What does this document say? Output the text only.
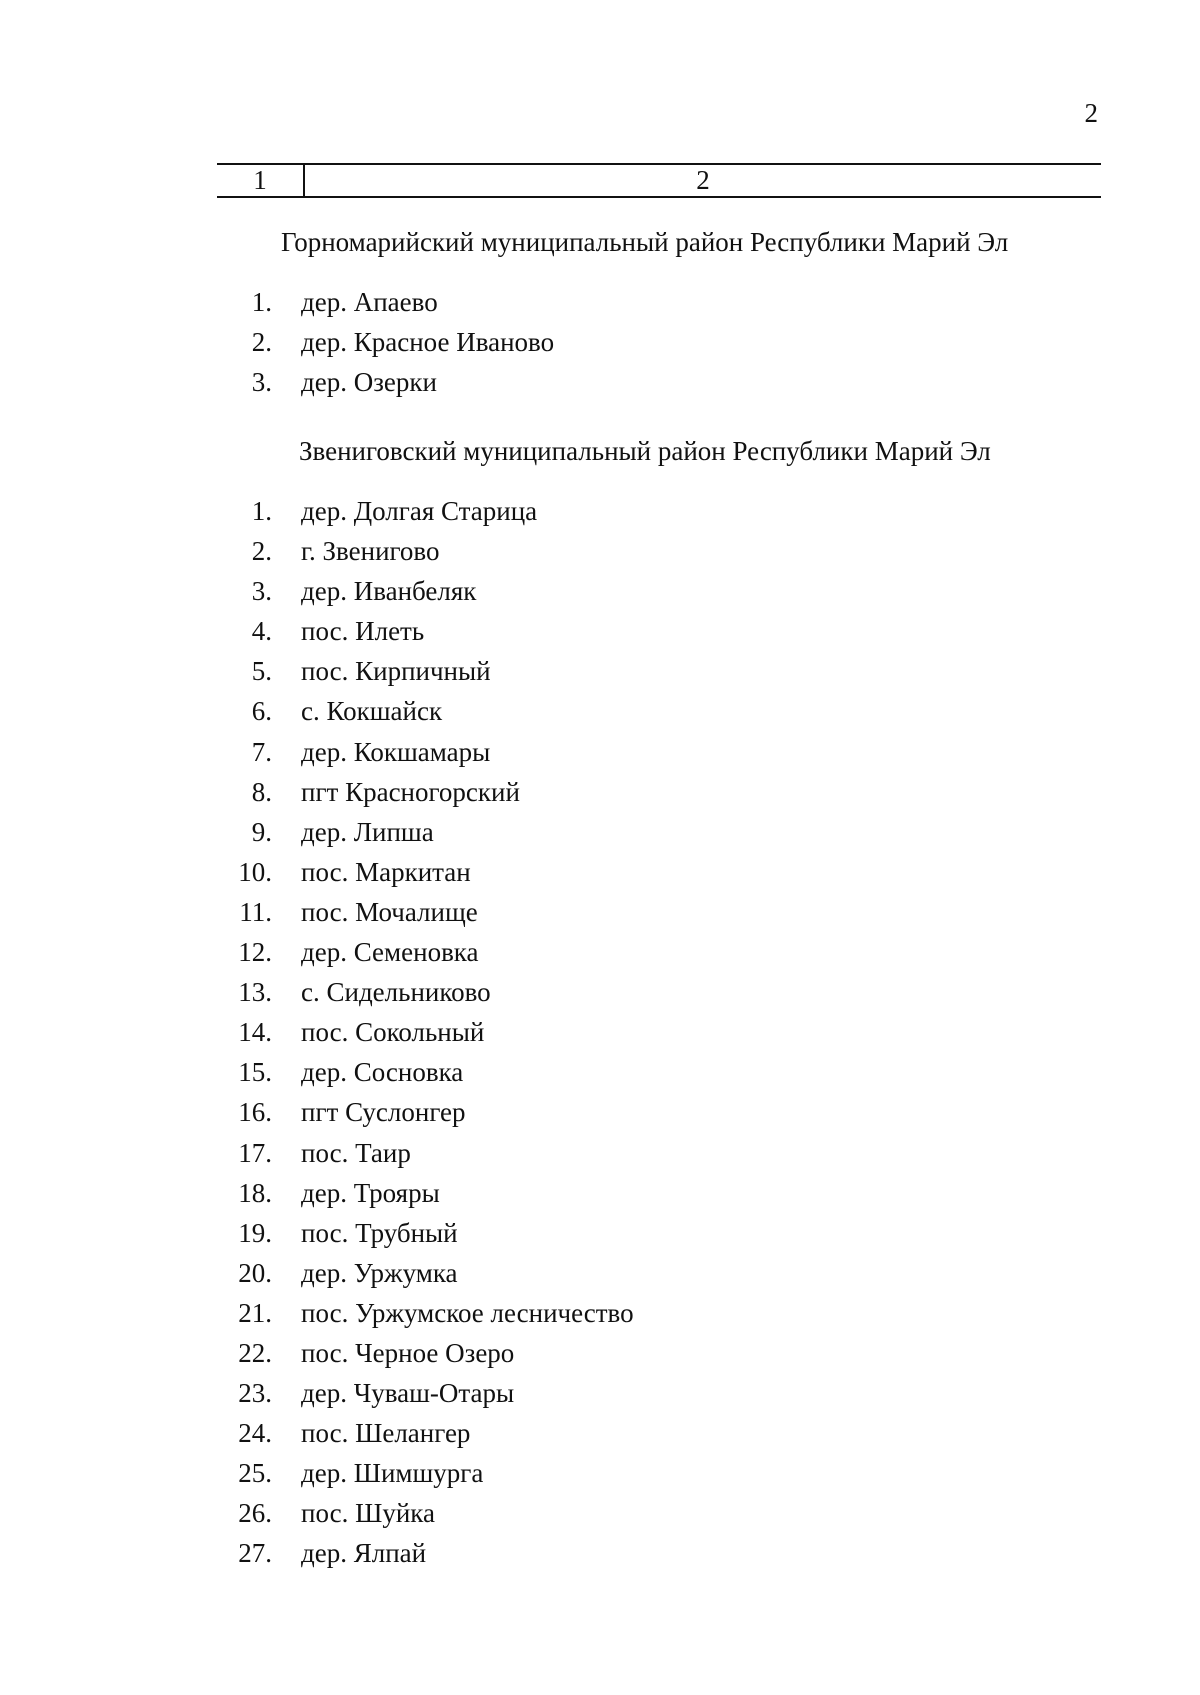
2
1	2
Горномарийский муниципальный район Республики Марий Эл
1.
2.
3.
дер. Апаево
дер. Красное Иваново
дер. Озерки
Звениговский муниципальный район Республики Марий Эл
1.
2.
3.
4.
5.
6.
7.
8.
9.
10.
11.
12.
13.
14.
15.
16.
17.
18.
19.
20.
21.
22.
23.
24.
25.
26.
27.
дер. Долгая Старица
г. Звенигово
дер. Иванбеляк
пос. Илеть
пос. Кирпичный
с. Кокшайск
дер. Кокшамары
пгт Красногорский
дер. Липша
пос. Маркитан
пос. Мочалище
дер. Семеновка
с. Сидельниково
пос. Сокольный
дер. Сосновка
пгт Суслонгер
пос. Таир
дер. Трояры
пос. Трубный
дер. Уржумка
пос. Уржумское лесничество
пос. Черное Озеро
дер. Чуваш-Отары
пос. Шелангер
дер. Шимшурга
пос. Шуйка
дер. Ялпай
